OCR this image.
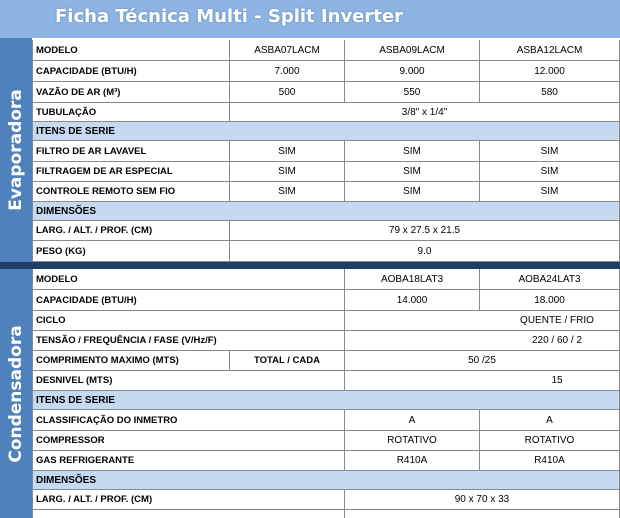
Ficha Técnica Multi - Split Inverter
Evaporadora
MODELO	ASBA07LACM	ASBA09LACM	ASBA12LACM
CAPACIDADE (BTU/H)	7.000	9.000	12.000
VAZÃO DE AR (M³)	500	550	580
TUBULAÇÃO	3/8" x 1/4"
ITENS DE SERIE
FILTRO DE AR LAVAVEL	SIM	SIM	SIM
FILTRAGEM DE AR ESPECIAL	SIM	SIM	SIM
CONTROLE REMOTO SEM FIO	SIM	SIM	SIM
DIMENSÕES
LARG. / ALT. / PROF. (CM)	79 x 27.5 x 21.5
PESO (KG)	9.0
Condensadora
MODELO	AOBA18LAT3	AOBA24LAT3
CAPACIDADE (BTU/H)	14.000	18.000
CICLO	QUENTE / FRIO
TENSÃO / FREQUÊNCIA / FASE (V/Hz/F)	220 / 60 / 2
COMPRIMENTO MAXIMO (MTS)	TOTAL / CADA	50 /25
DESNIVEL (MTS)	15
ITENS DE SERIE
CLASSIFICAÇÃO DO INMETRO	A	A
COMPRESSOR	ROTATIVO	ROTATIVO
GAS REFRIGERANTE	R410A	R410A
DIMENSÕES
LARG. / ALT. / PROF. (CM)	90 x 70 x 33
